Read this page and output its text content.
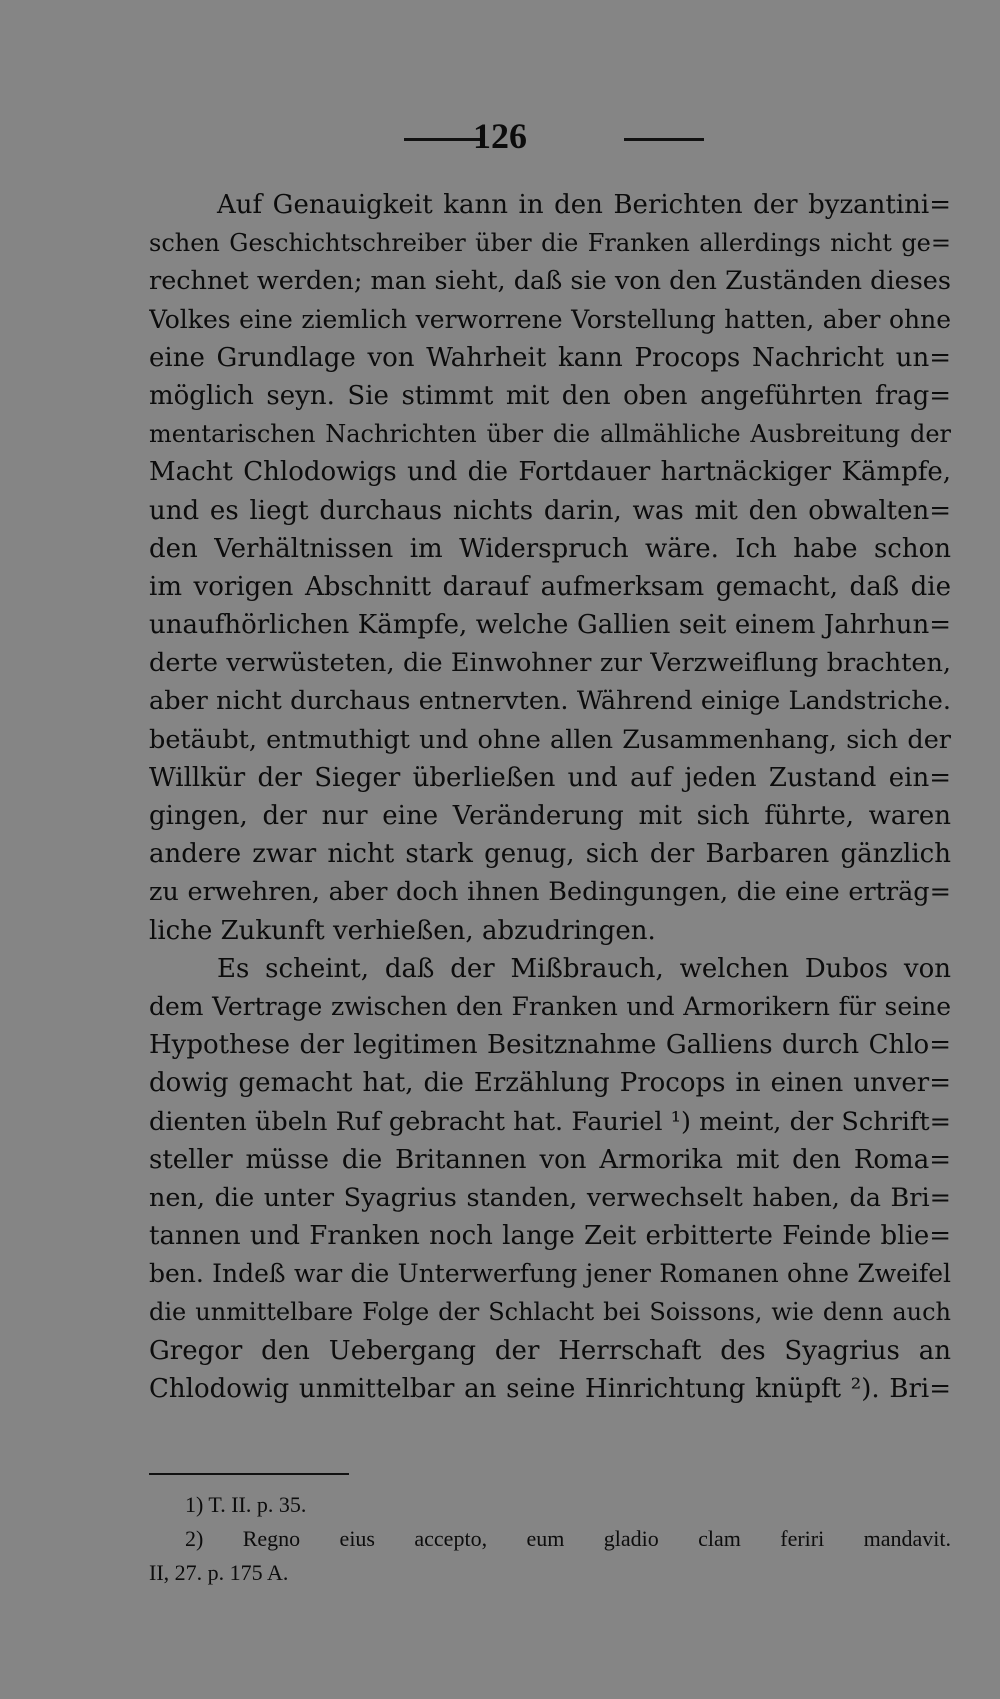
126
Auf Genauigkeit kann in den Berichten der byzantini=
schen Geschichtschreiber über die Franken allerdings nicht ge=
rechnet werden; man sieht, daß sie von den Zuständen dieses
Volkes eine ziemlich verworrene Vorstellung hatten, aber ohne
eine Grundlage von Wahrheit kann Procops Nachricht un=
möglich seyn. Sie stimmt mit den oben angeführten frag=
mentarischen Nachrichten über die allmähliche Ausbreitung der
Macht Chlodowigs und die Fortdauer hartnäckiger Kämpfe,
und es liegt durchaus nichts darin, was mit den obwalten=
den Verhältnissen im Widerspruch wäre. Ich habe schon
im vorigen Abschnitt darauf aufmerksam gemacht, daß die
unaufhörlichen Kämpfe, welche Gallien seit einem Jahrhun=
derte verwüsteten, die Einwohner zur Verzweiflung brachten,
aber nicht durchaus entnervten. Während einige Landstriche.
betäubt, entmuthigt und ohne allen Zusammenhang, sich der
Willkür der Sieger überließen und auf jeden Zustand ein=
gingen, der nur eine Veränderung mit sich führte, waren
andere zwar nicht stark genug, sich der Barbaren gänzlich
zu erwehren, aber doch ihnen Bedingungen, die eine erträg=
liche Zukunft verhießen, abzudringen.
Es scheint, daß der Mißbrauch, welchen Dubos von
dem Vertrage zwischen den Franken und Armorikern für seine
Hypothese der legitimen Besitznahme Galliens durch Chlo=
dowig gemacht hat, die Erzählung Procops in einen unver=
dienten übeln Ruf gebracht hat. Fauriel ¹) meint, der Schrift=
steller müsse die Britannen von Armorika mit den Roma=
nen, die unter Syagrius standen, verwechselt haben, da Bri=
tannen und Franken noch lange Zeit erbitterte Feinde blie=
ben. Indeß war die Unterwerfung jener Romanen ohne Zweifel
die unmittelbare Folge der Schlacht bei Soissons, wie denn auch
Gregor den Uebergang der Herrschaft des Syagrius an
Chlodowig unmittelbar an seine Hinrichtung knüpft ²). Bri=
1) T. II. p. 35.
2) Regno eius accepto, eum gladio clam feriri mandavit.
II, 27. p. 175 A.
